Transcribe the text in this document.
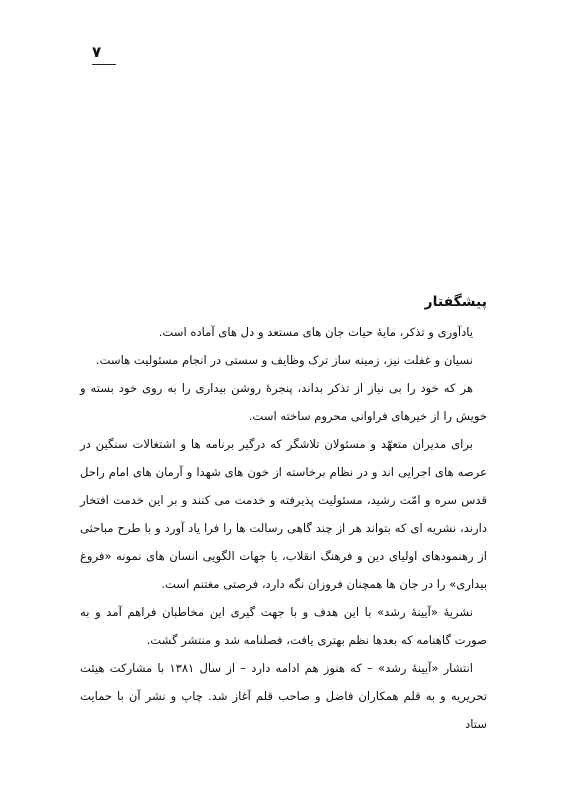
۷
پیشگفتار

یادآوری و تذکر، مایهٔ حیات جان های مستعد و دل های آماده است.

نسیان و غفلت نیز، زمینه ساز ترک وظایف و سستی در انجام مسئولیت هاست.

هر که خود را بی نیاز از تذکر بداند، پنجرهٔ روشن بیداری را به روی خود بسته و خویش را از خیرهای فراوانی محروم ساخته است.

برای مدیران متعهّد و مسئولان تلاشگر که درگیر برنامه ها و اشتغالات سنگین در عرصه های اجرایی اند و در نظام برخاسته از خون های شهدا و آرمان های امام راحل قدس سره و امّت رشید، مسئولیت پذیرفته و خدمت می کنند و بر این خدمت افتخار دارند، نشریه ای که بتواند هر از چند گاهی رسالت ها را فرا یاد آورد و با طرح مباحثی از رهنمودهای اولیای دین و فرهنگ انقلاب، یا جهات الگویی انسان های نمونه «فروغ بیداری» را در جان ها همچنان فروزان نگه دارد، فرصتی مغتنم است.

نشریهٔ «آیینهٔ رشد» با این هدف و با جهت گیری این مخاطبان فراهم آمد و به صورت گاهنامه که بعدها نظم بهتری یافت، فصلنامه شد و منتشر گشت.

انتشار «آیینهٔ رشد» – که هنوز هم ادامه دارد – از سال ۱۳۸۱ با مشارکت هیئت تحریریه و به قلم همکاران فاضل و صاحب قلم آغاز شد. چاپ و نشر آن با حمایت ستاد
